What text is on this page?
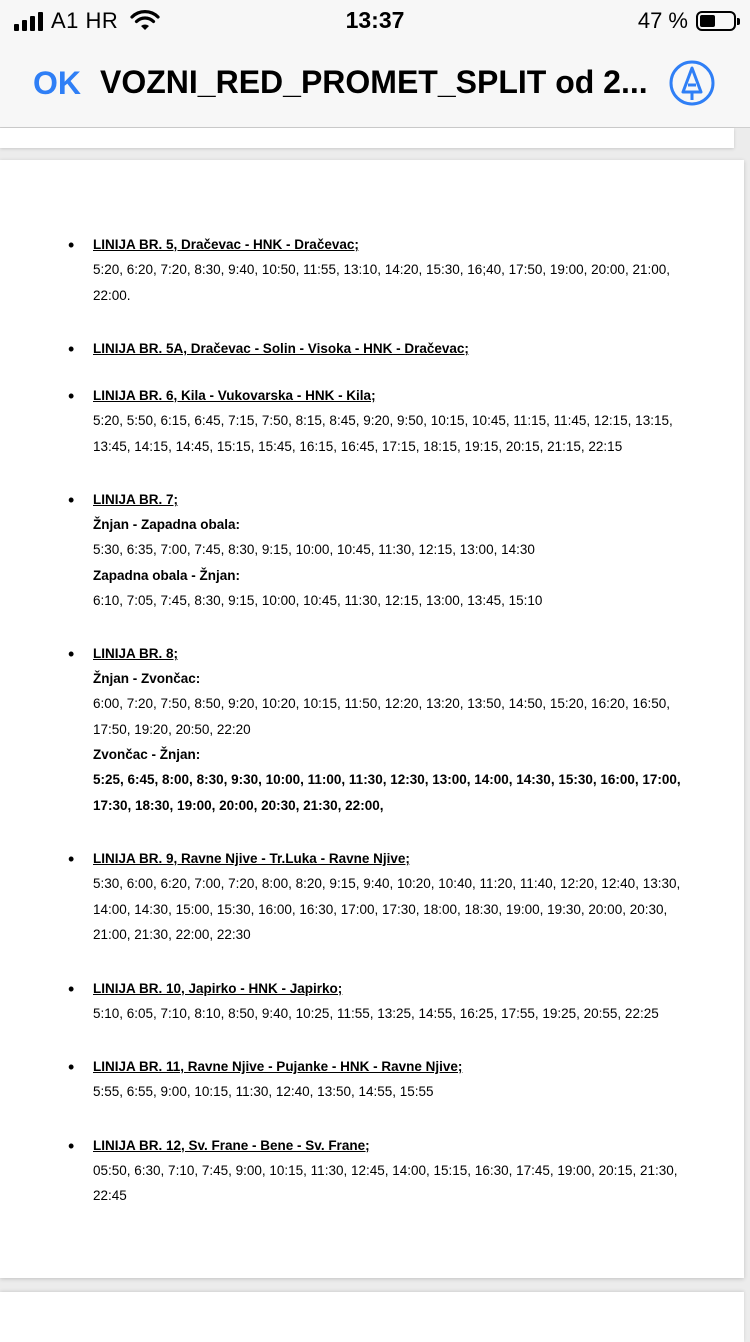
A1 HR	13:37	47 %
OK VOZNI_RED_PROMET_SPLIT od 2...
• LINIJA BR. 5, Dračevac - HNK - Dračevac;
5:20, 6:20, 7:20, 8:30, 9:40, 10:50, 11:55, 13:10, 14:20, 15:30, 16;40, 17:50, 19:00, 20:00, 21:00, 22:00.
• LINIJA BR. 5A, Dračevac - Solin - Visoka - HNK - Dračevac;
• LINIJA BR. 6, Kila - Vukovarska - HNK - Kila;
5:20, 5:50, 6:15, 6:45, 7:15, 7:50, 8:15, 8:45, 9:20, 9:50, 10:15, 10:45, 11:15, 11:45, 12:15, 13:15, 13:45, 14:15, 14:45, 15:15, 15:45, 16:15, 16:45, 17:15, 18:15, 19:15, 20:15, 21:15, 22:15
• LINIJA BR. 7;
Žnjan - Zapadna obala:
5:30, 6:35, 7:00, 7:45, 8:30, 9:15, 10:00, 10:45, 11:30, 12:15, 13:00, 14:30
Zapadna obala - Žnjan:
6:10, 7:05, 7:45, 8:30, 9:15, 10:00, 10:45, 11:30, 12:15, 13:00, 13:45, 15:10
• LINIJA BR. 8;
Žnjan - Zvončac:
6:00, 7:20, 7:50, 8:50, 9:20, 10:20, 10:15, 11:50, 12:20, 13:20, 13:50, 14:50, 15:20, 16:20, 16:50, 17:50, 19:20, 20:50, 22:20
Zvončac - Žnjan:
5:25, 6:45, 8:00, 8:30, 9:30, 10:00, 11:00, 11:30, 12:30, 13:00, 14:00, 14:30, 15:30, 16:00, 17:00, 17:30, 18:30, 19:00, 20:00, 20:30, 21:30, 22:00,
• LINIJA BR. 9, Ravne Njive - Tr.Luka - Ravne Njive;
5:30, 6:00, 6:20, 7:00, 7:20, 8:00, 8:20, 9:15, 9:40, 10:20, 10:40, 11:20, 11:40, 12:20, 12:40, 13:30, 14:00, 14:30, 15:00, 15:30, 16:00, 16:30, 17:00, 17:30, 18:00, 18:30, 19:00, 19:30, 20:00, 20:30, 21:00, 21:30, 22:00, 22:30
• LINIJA BR. 10, Japirko - HNK - Japirko;
5:10, 6:05, 7:10, 8:10, 8:50, 9:40, 10:25, 11:55, 13:25, 14:55, 16:25, 17:55, 19:25, 20:55, 22:25
• LINIJA BR. 11, Ravne Njive - Pujanke - HNK - Ravne Njive;
5:55, 6:55, 9:00, 10:15, 11:30, 12:40, 13:50, 14:55, 15:55
• LINIJA BR. 12, Sv. Frane - Bene - Sv. Frane;
05:50, 6:30, 7:10, 7:45, 9:00, 10:15, 11:30, 12:45, 14:00, 15:15, 16:30, 17:45, 19:00, 20:15, 21:30, 22:45
